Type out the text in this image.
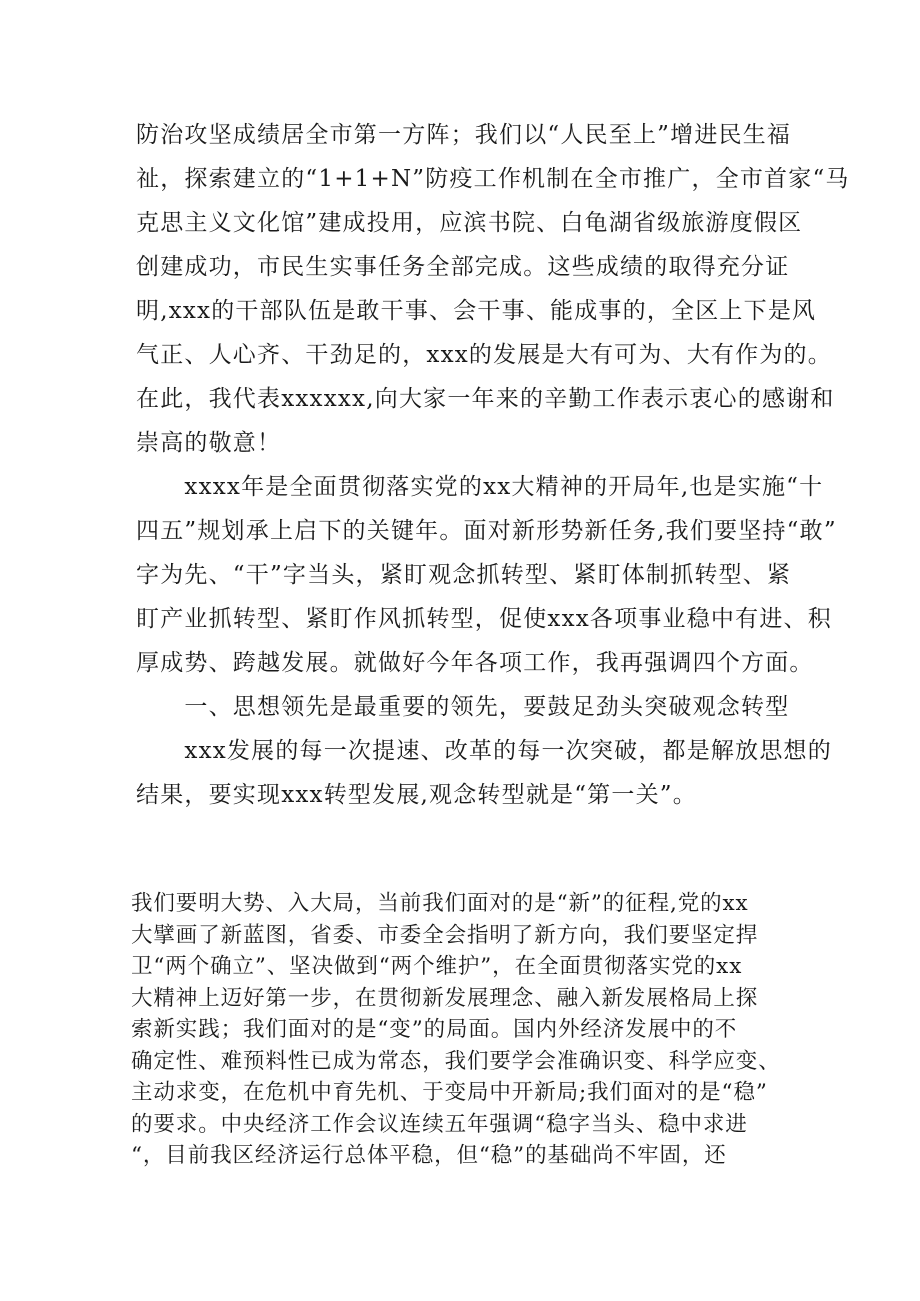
防治攻坚成绩居全市第一方阵；我们以“人民至上”增进民生福
祉，探索建立的“1+1+N”防疫工作机制在全市推广，全市首家“马
克思主义文化馆”建成投用，应滨书院、白龟湖省级旅游度假区
创建成功，市民生实事任务全部完成。这些成绩的取得充分证
明,xxx的干部队伍是敢干事、会干事、能成事的，全区上下是风
气正、人心齐、干劲足的，xxx的发展是大有可为、大有作为的。
在此，我代表xxxxxx,向大家一年来的辛勤工作表示衷心的感谢和
崇高的敬意！
　　xxxx年是全面贯彻落实党的xx大精神的开局年,也是实施“十
四五”规划承上启下的关键年。面对新形势新任务,我们要坚持“敢”
字为先、“干”字当头，紧盯观念抓转型、紧盯体制抓转型、紧
盯产业抓转型、紧盯作风抓转型，促使xxx各项事业稳中有进、积
厚成势、跨越发展。就做好今年各项工作，我再强调四个方面。
　　一、思想领先是最重要的领先，要鼓足劲头突破观念转型
　　xxx发展的每一次提速、改革的每一次突破，都是解放思想的
结果，要实现xxx转型发展,观念转型就是“第一关”。
我们要明大势、入大局，当前我们面对的是“新”的征程,党的xx
大擘画了新蓝图，省委、市委全会指明了新方向，我们要坚定捍
卫“两个确立”、坚决做到“两个维护”，在全面贯彻落实党的xx
大精神上迈好第一步，在贯彻新发展理念、融入新发展格局上探
索新实践；我们面对的是“变”的局面。国内外经济发展中的不
确定性、难预料性已成为常态，我们要学会准确识变、科学应变、
主动求变，在危机中育先机、于变局中开新局;我们面对的是“稳”
的要求。中央经济工作会议连续五年强调“稳字当头、稳中求进
“，目前我区经济运行总体平稳，但“稳”的基础尚不牢固，还
